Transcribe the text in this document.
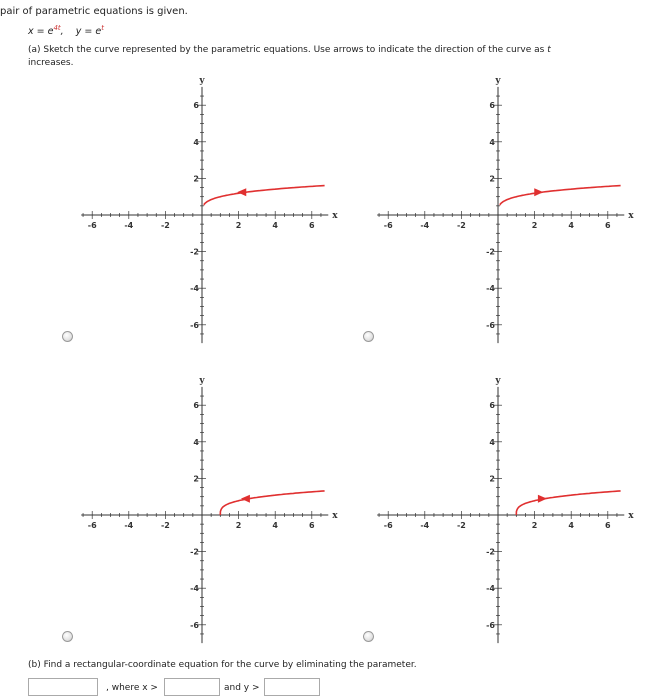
pair of parametric equations is given.
$x = e^{4t}$,    $y = e^t$
(a) Sketch the curve represented by the parametric equations. Use arrows to indicate the direction of the curve as t
increases.
-6	-4	-2	2	4	6
6
4
2
-2
-4
-6
x
y
-6	-4	-2	2	4	6
6
4
2
-2
-4
-6
x
y
-6	-4	-2	2	4	6
6
4
2
-2
-4
-6
x
y
-6	-4	-2	2	4	6
6
4
2
-2
-4
-6
x
y
(b) Find a rectangular-coordinate equation for the curve by eliminating the parameter.
, where x >	and y >
